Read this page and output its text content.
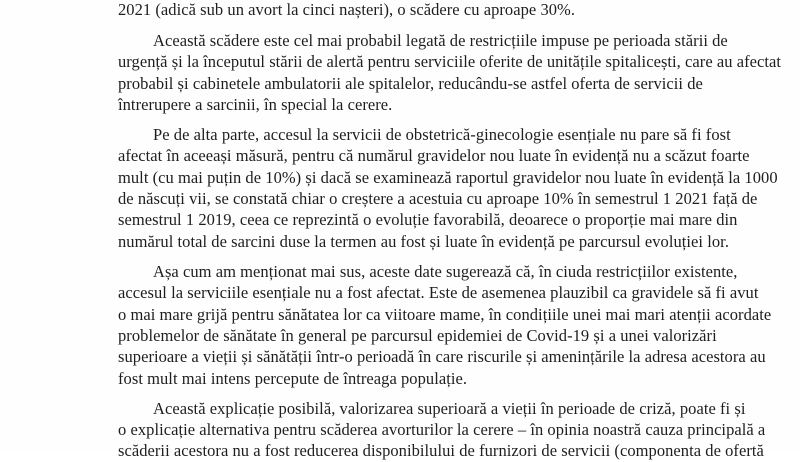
2021 (adică sub un avort la cinci nașteri), o scădere cu aproape 30%.
Această scădere este cel mai probabil legată de restricțiile impuse pe perioada stării de
urgență și la începutul stării de alertă pentru serviciile oferite de unitățile spitalicești, care au afectat
probabil și cabinetele ambulatorii ale spitalelor, reducându-se astfel oferta de servicii de
întrerupere a sarcinii, în special la cerere.
Pe de alta parte, accesul la servicii de obstetrică-ginecologie esențiale nu pare să fi fost
afectat în aceeași măsură, pentru că numărul gravidelor nou luate în evidență nu a scăzut foarte
mult (cu mai puțin de 10%) și dacă se examinează raportul gravidelor nou luate în evidență la 1000
de născuți vii, se constată chiar o creștere a acestuia cu aproape 10% în semestrul 1 2021 față de
semestrul 1 2019, ceea ce reprezintă o evoluție favorabilă, deoarece o proporție mai mare din
numărul total de sarcini duse la termen au fost și luate în evidență pe parcursul evoluției lor.
Așa cum am menționat mai sus, aceste date sugerează că, în ciuda restricțiilor existente,
accesul la serviciile esențiale nu a fost afectat. Este de asemenea plauzibil ca gravidele să fi avut
o mai mare grijă pentru sănătatea lor ca viitoare mame, în condițiile unei mai mari atenții acordate
problemelor de sănătate în general pe parcursul epidemiei de Covid-19 și a unei valorizări
superioare a vieții și sănătății într-o perioadă în care riscurile și amenințările la adresa acestora au
fost mult mai intens percepute de întreaga populație.
Această explicație posibilă, valorizarea superioară a vieții în perioade de criză, poate fi și
o explicație alternativa pentru scăderea avorturilor la cerere – în opinia noastră cauza principală a
scăderii acestora nu a fost reducerea disponibilului de furnizori de servicii (componenta de ofertă
